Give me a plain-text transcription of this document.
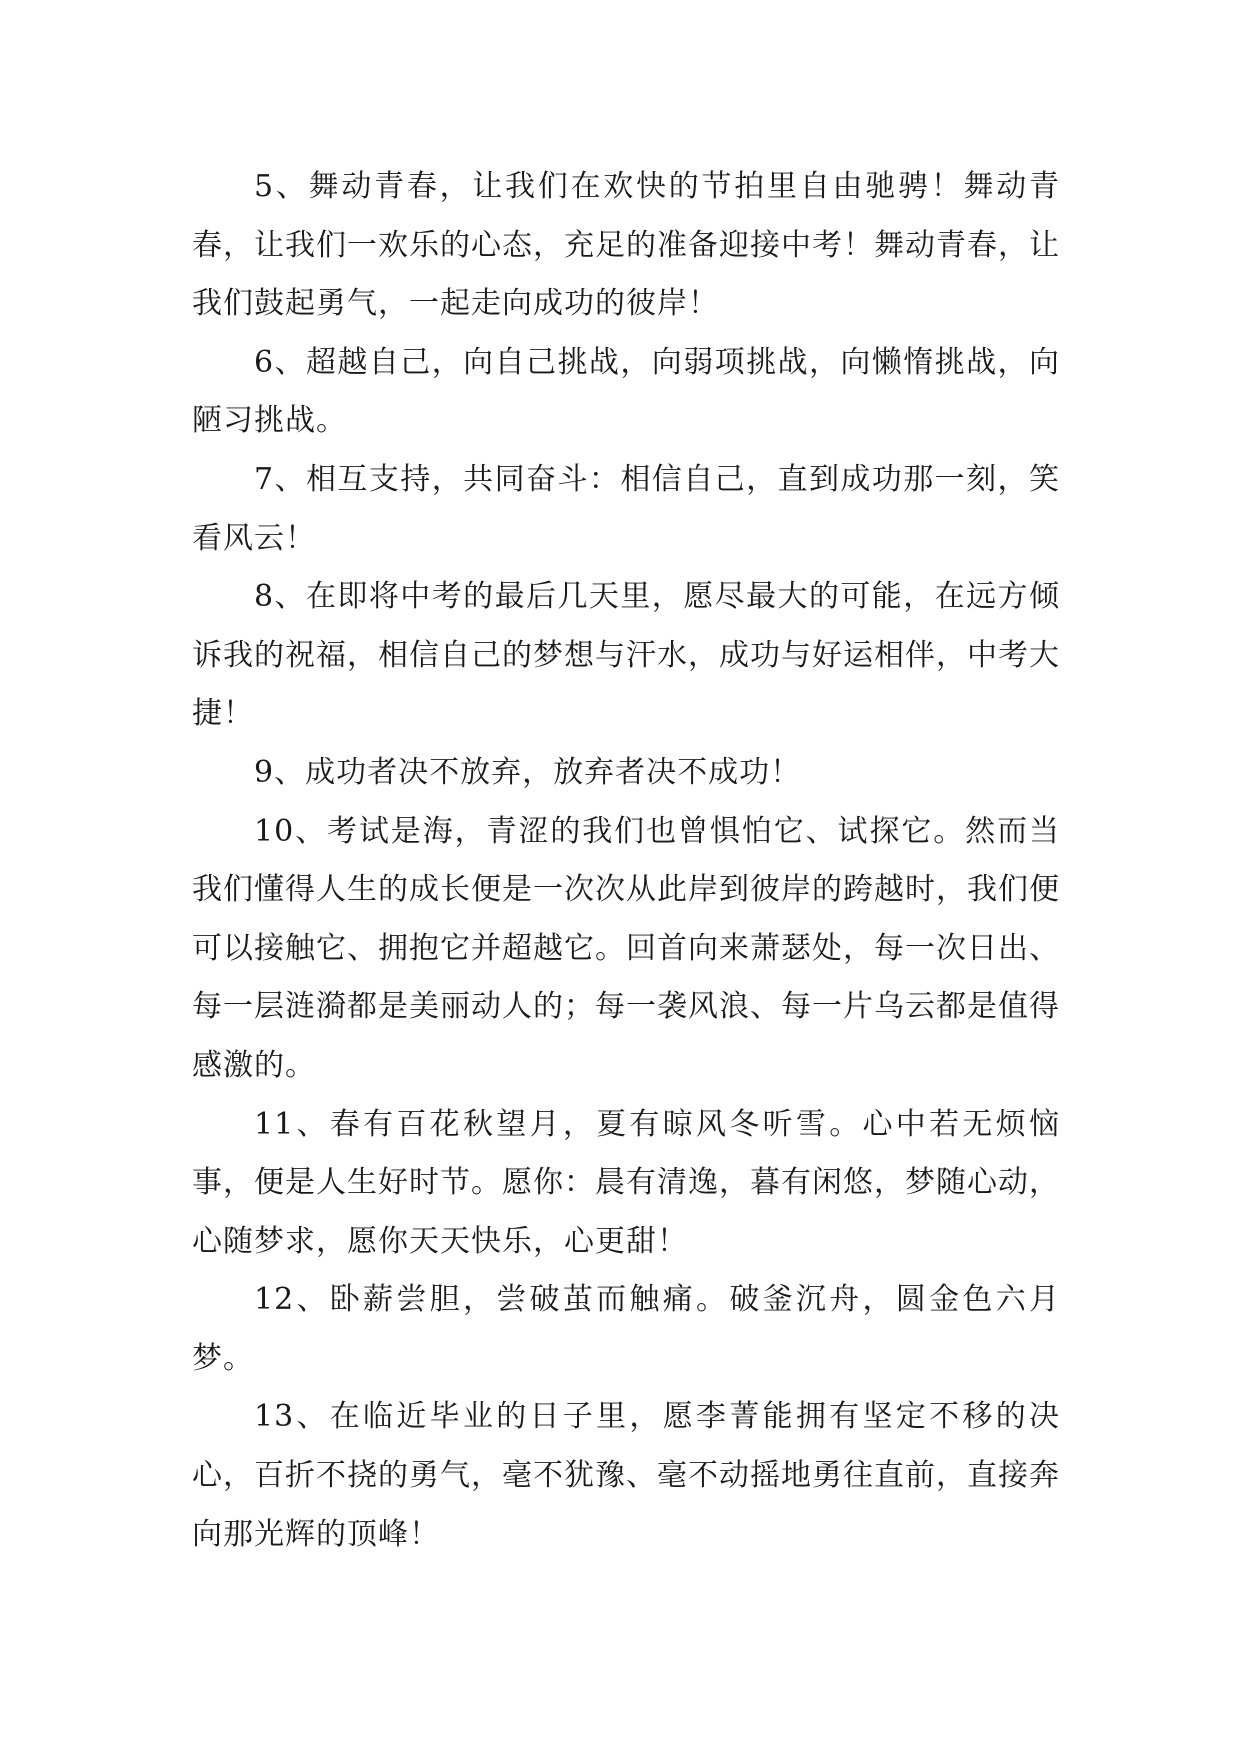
5、舞动青春，让我们在欢快的节拍里自由驰骋！舞动青春，让我们一欢乐的心态，充足的准备迎接中考！舞动青春，让我们鼓起勇气，一起走向成功的彼岸！

6、超越自己，向自己挑战，向弱项挑战，向懒惰挑战，向陋习挑战。

7、相互支持，共同奋斗：相信自己，直到成功那一刻，笑看风云！

8、在即将中考的最后几天里，愿尽最大的可能，在远方倾诉我的祝福，相信自己的梦想与汗水，成功与好运相伴，中考大捷！

9、成功者决不放弃，放弃者决不成功！

10、考试是海，青涩的我们也曾惧怕它、试探它。然而当我们懂得人生的成长便是一次次从此岸到彼岸的跨越时，我们便可以接触它、拥抱它并超越它。回首向来萧瑟处，每一次日出、每一层涟漪都是美丽动人的；每一袭风浪、每一片乌云都是值得感激的。

11、春有百花秋望月，夏有晾风冬听雪。心中若无烦恼事，便是人生好时节。愿你：晨有清逸，暮有闲悠，梦随心动，心随梦求，愿你天天快乐，心更甜！

12、卧薪尝胆，尝破茧而触痛。破釜沉舟，圆金色六月梦。

13、在临近毕业的日子里，愿李菁能拥有坚定不移的决心，百折不挠的勇气，毫不犹豫、毫不动摇地勇往直前，直接奔向那光辉的顶峰！
